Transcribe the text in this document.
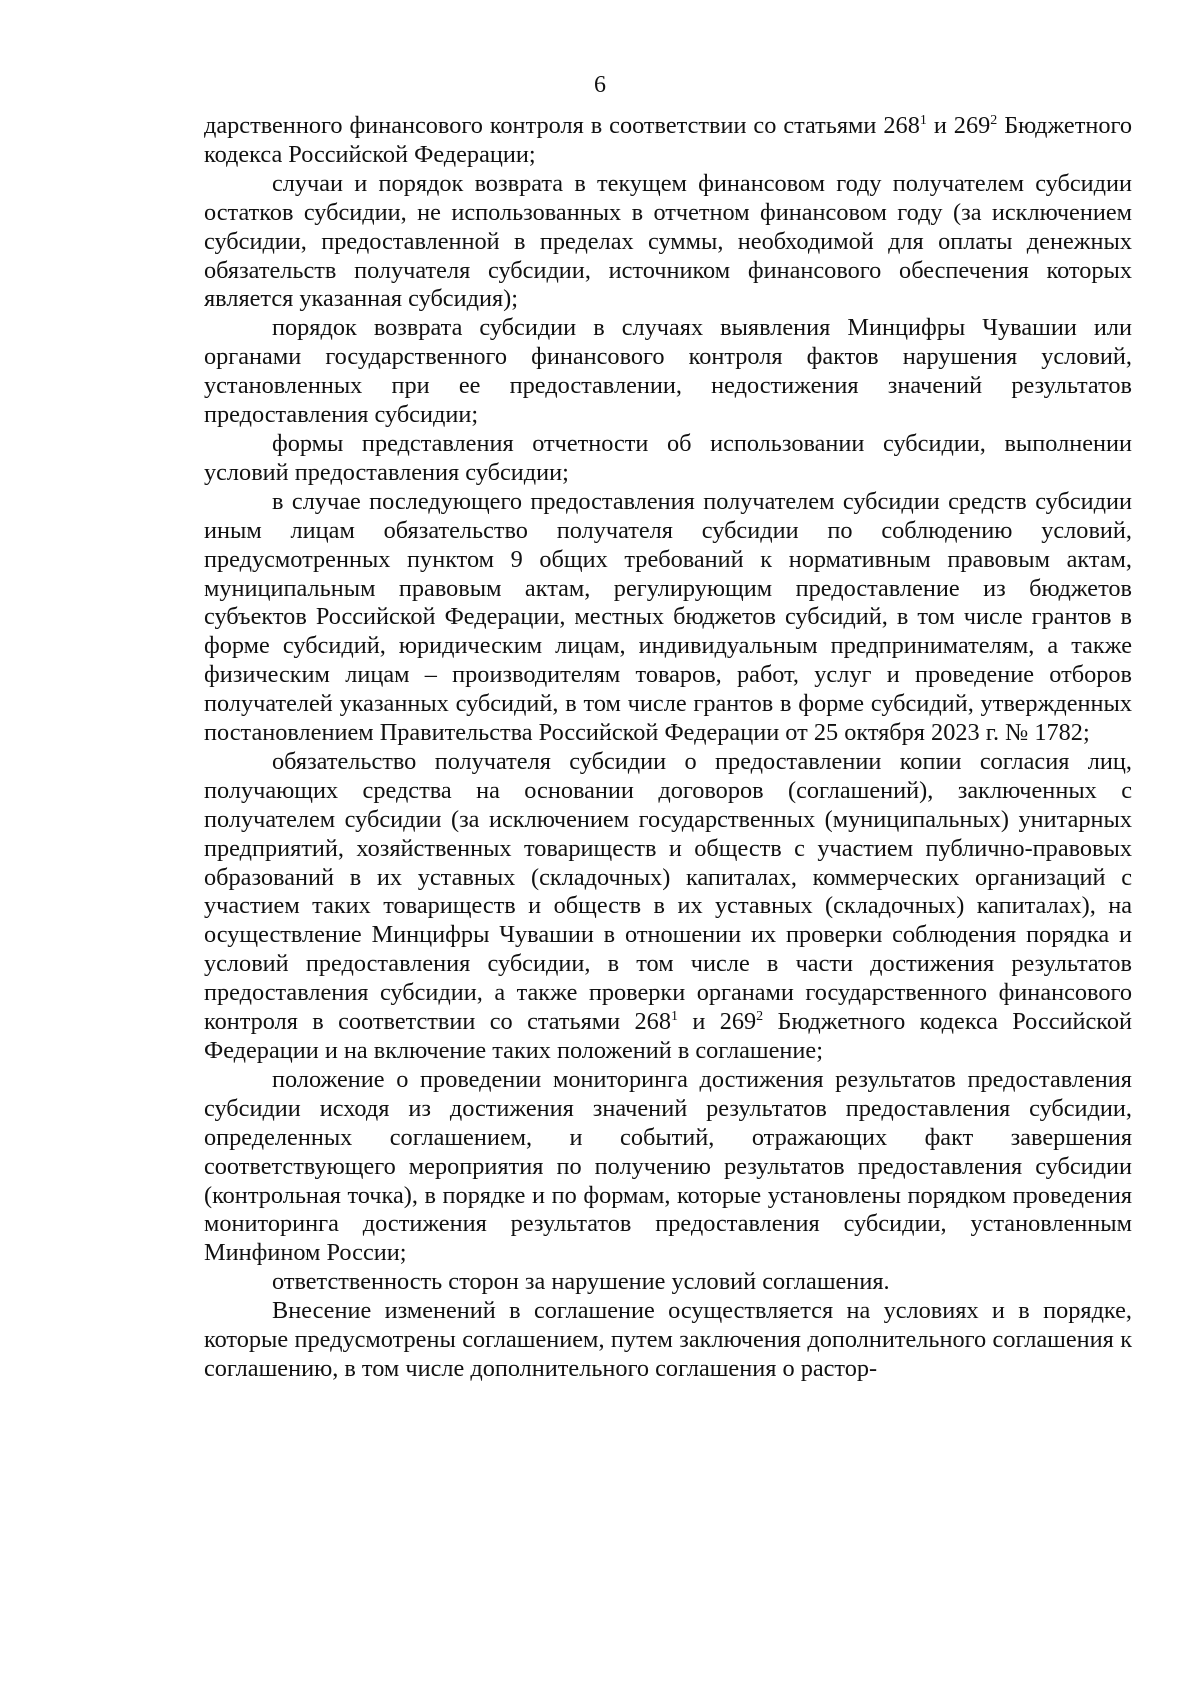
6

дарственного финансового контроля в соответствии со статьями $268^1$ и $269^2$ Бюджетного кодекса Российской Федерации;

случаи и порядок возврата в текущем финансовом году получателем субсидии остатков субсидии, не использованных в отчетном финансовом году (за исключением субсидии, предоставленной в пределах суммы, необходимой для оплаты денежных обязательств получателя субсидии, источником финансового обеспечения которых является указанная субсидия);

порядок возврата субсидии в случаях выявления Минцифры Чувашии или органами государственного финансового контроля фактов нарушения условий, установленных при ее предоставлении, недостижения значений результатов предоставления субсидии;

формы представления отчетности об использовании субсидии, выполнении условий предоставления субсидии;

в случае последующего предоставления получателем субсидии средств субсидии иным лицам обязательство получателя субсидии по соблюдению условий, предусмотренных пунктом 9 общих требований к нормативным правовым актам, муниципальным правовым актам, регулирующим предоставление из бюджетов субъектов Российской Федерации, местных бюджетов субсидий, в том числе грантов в форме субсидий, юридическим лицам, индивидуальным предпринимателям, а также физическим лицам – производителям товаров, работ, услуг и проведение отборов получателей указанных субсидий, в том числе грантов в форме субсидий, утвержденных постановлением Правительства Российской Федерации от 25 октября 2023 г. № 1782;

обязательство получателя субсидии о предоставлении копии согласия лиц, получающих средства на основании договоров (соглашений), заключенных с получателем субсидии (за исключением государственных (муниципальных) унитарных предприятий, хозяйственных товариществ и обществ с участием публично-правовых образований в их уставных (складочных) капиталах, коммерческих организаций с участием таких товариществ и обществ в их уставных (складочных) капиталах), на осуществление Минцифры Чувашии в отношении их проверки соблюдения порядка и условий предоставления субсидии, в том числе в части достижения результатов предоставления субсидии, а также проверки органами государственного финансового контроля в соответствии со статьями $268^1$ и $269^2$ Бюджетного кодекса Российской Федерации и на включение таких положений в соглашение;

положение о проведении мониторинга достижения результатов предоставления субсидии исходя из достижения значений результатов предоставления субсидии, определенных соглашением, и событий, отражающих факт завершения соответствующего мероприятия по получению результатов предоставления субсидии (контрольная точка), в порядке и по формам, которые установлены порядком проведения мониторинга достижения результатов предоставления субсидии, установленным Минфином России;

ответственность сторон за нарушение условий соглашения.

Внесение изменений в соглашение осуществляется на условиях и в порядке, которые предусмотрены соглашением, путем заключения дополнительного соглашения к соглашению, в том числе дополнительного соглашения о растор-
